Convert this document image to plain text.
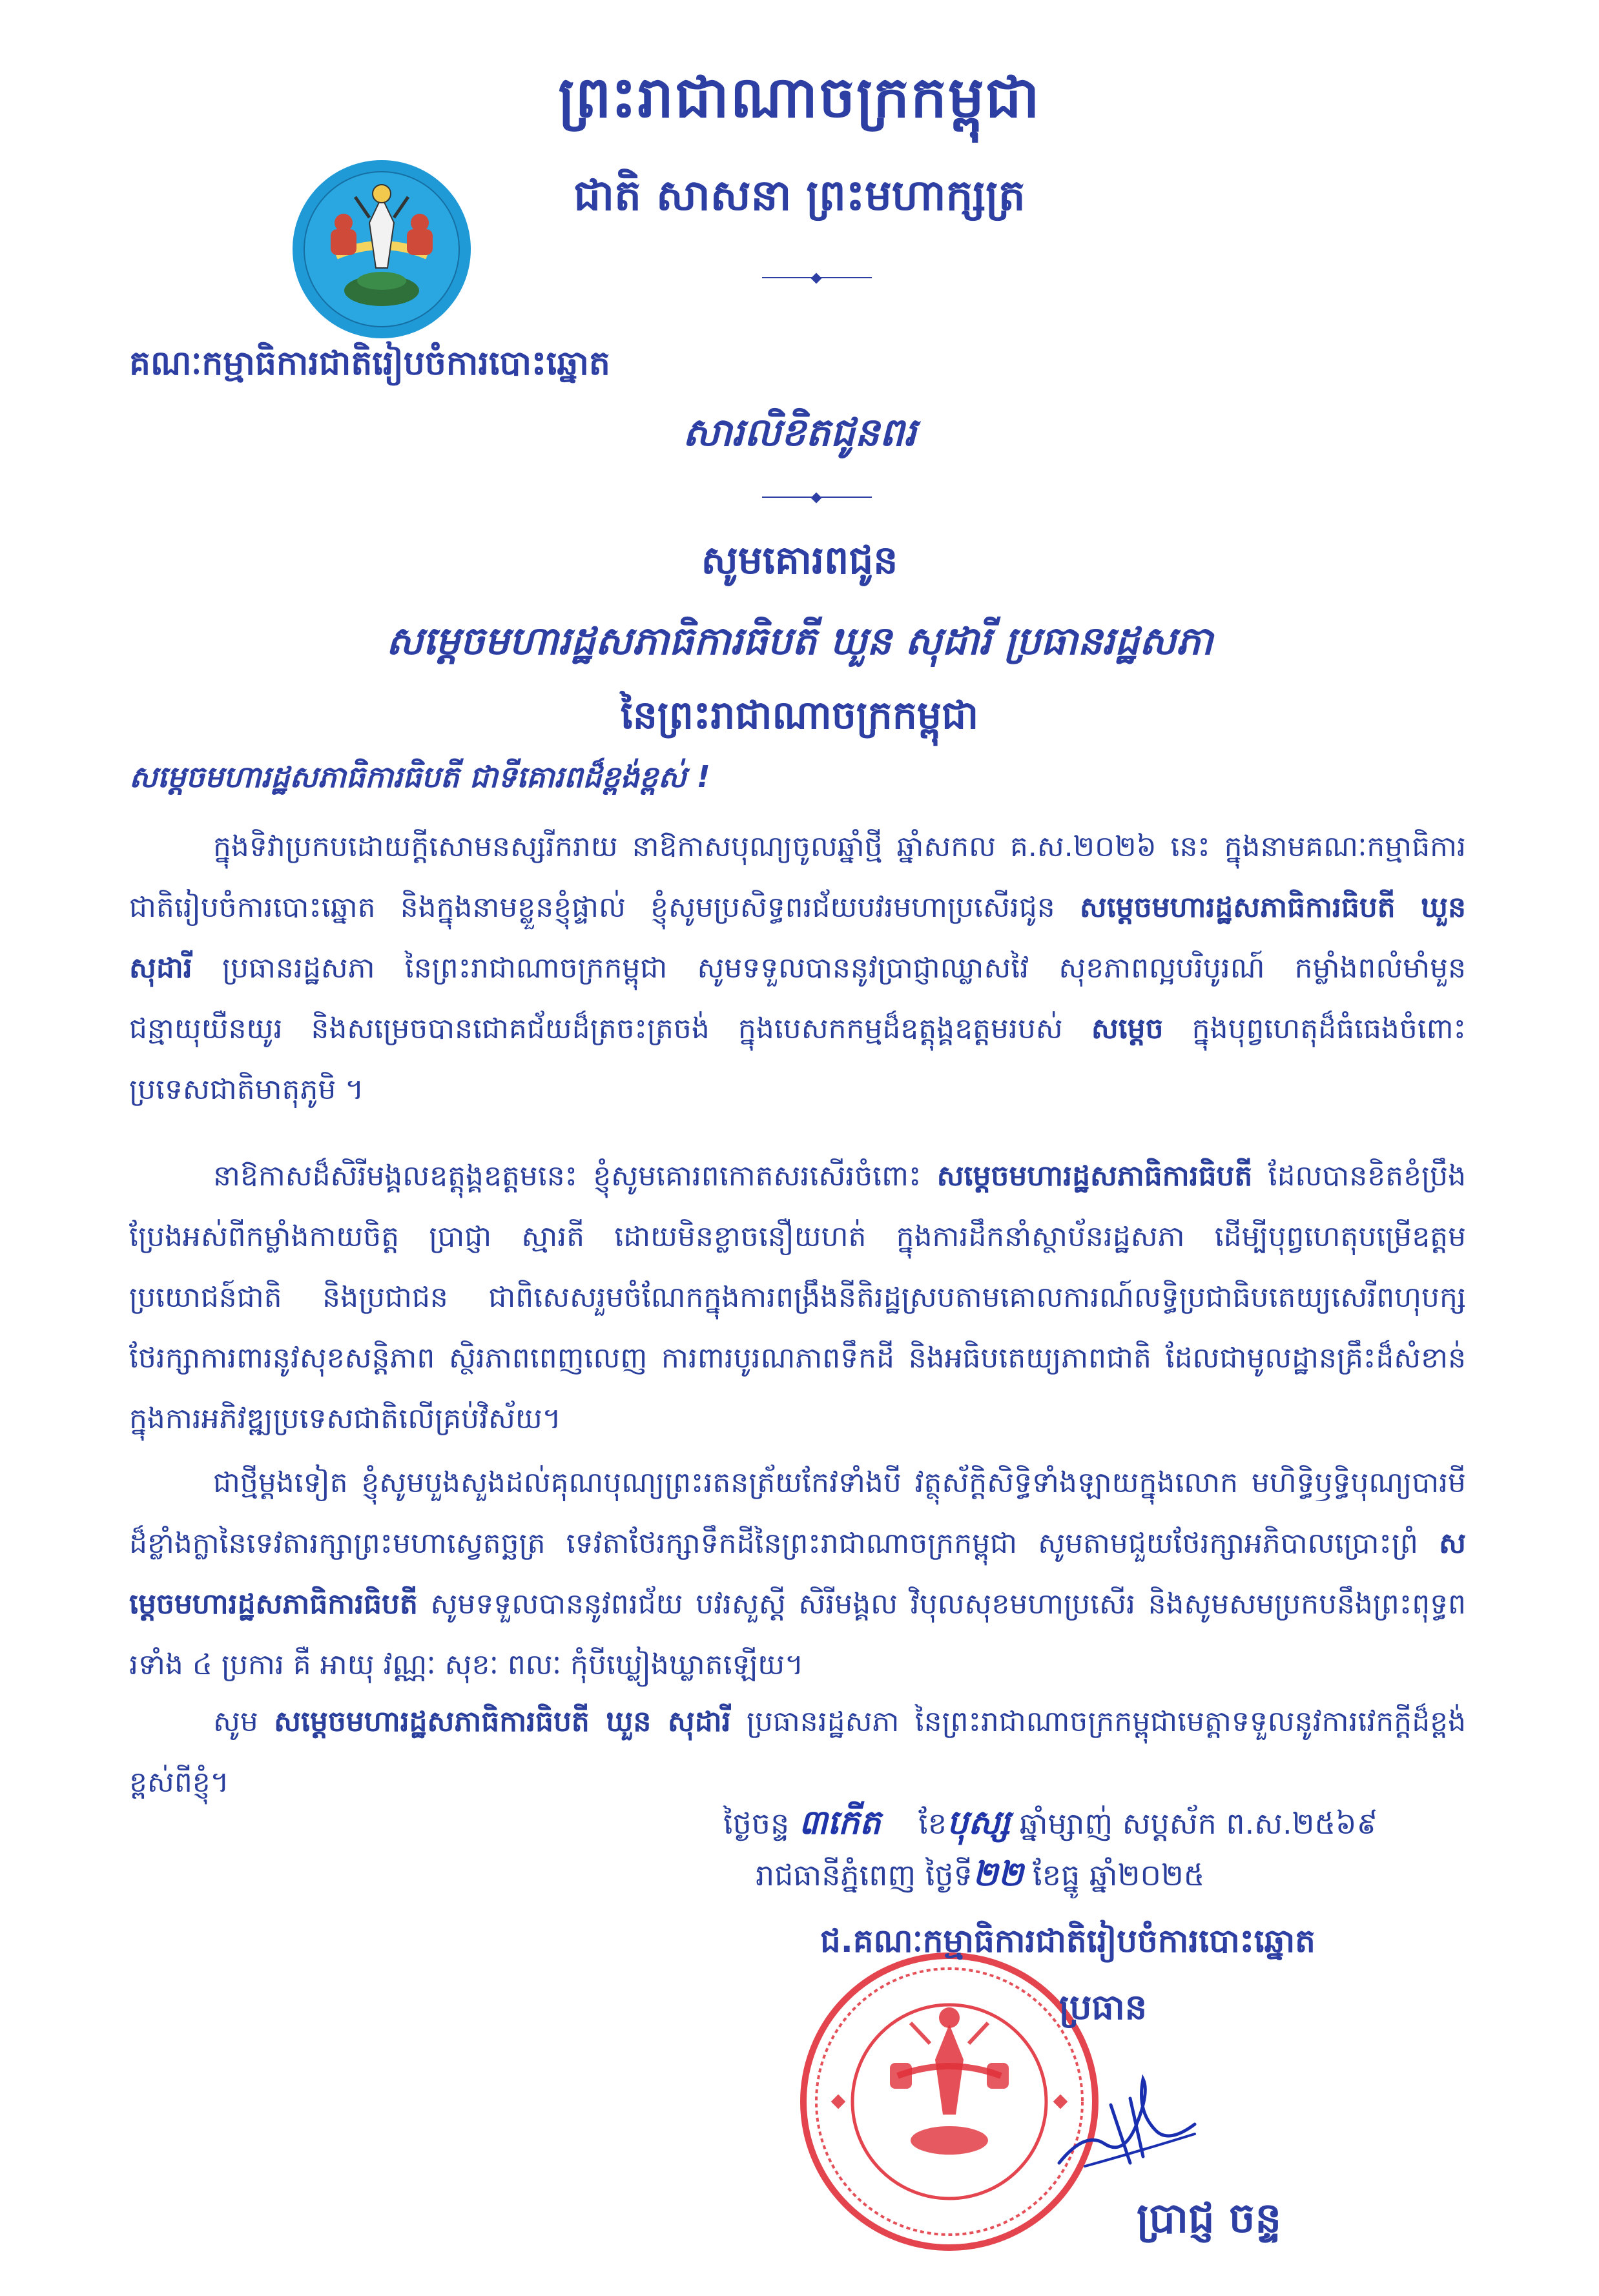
ព្រះរាជាណាចក្រកម្ពុជា
ជាតិ សាសនា ព្រះមហាក្សត្រ
គណៈកម្មាធិការជាតិរៀបចំការបោះឆ្នោត
សារលិខិតជូនពរ
សូមគោរពជូន
សម្តេចមហារដ្ឋសភាធិការធិបតី ឃួន សុដារី ប្រធានរដ្ឋសភា
នៃព្រះរាជាណាចក្រកម្ពុជា
សម្តេចមហារដ្ឋសភាធិការធិបតី ជាទីគោរពដ៏ខ្ពង់ខ្ពស់ !
ក្នុងទិវាប្រកបដោយក្តីសោមនស្សរីករាយ នាឱកាសបុណ្យចូលឆ្នាំថ្មី ឆ្នាំសកល គ.ស.២០២៦ នេះ ក្នុងនាមគណៈកម្មាធិការជាតិរៀបចំការបោះឆ្នោត និងក្នុងនាមខ្លួនខ្ញុំផ្ទាល់ ខ្ញុំសូមប្រសិទ្ធពរជ័យបវរមហាប្រសើរជូន សម្តេចមហារដ្ឋសភាធិការធិបតី ឃួន សុដារី ប្រធានរដ្ឋសភា នៃព្រះរាជាណាចក្រកម្ពុជា សូមទទួលបាននូវប្រាជ្ញាឈ្លាសវៃ សុខភាពល្អបរិបូរណ៍ កម្លាំងពលំមាំមួន ជន្មាយុយឺនយូរ និងសម្រេចបានជោគជ័យដ៏ត្រចះត្រចង់ ក្នុងបេសកកម្មដ៏ឧត្តុង្គឧត្តមរបស់ សម្តេច ក្នុងបុព្វហេតុដ៏ធំធេងចំពោះប្រទេសជាតិមាតុភូមិ ។
នាឱកាសដ៏សិរីមង្គលឧត្តុង្គឧត្តមនេះ ខ្ញុំសូមគោរពកោតសរសើរចំពោះ សម្តេចមហារដ្ឋសភាធិការធិបតី ដែលបានខិតខំប្រឹងប្រែងអស់ពីកម្លាំងកាយចិត្ត ប្រាជ្ញា ស្មារតី ដោយមិនខ្លាចនឿយហត់ ក្នុងការដឹកនាំស្ថាប័នរដ្ឋសភា ដើម្បីបុព្វហេតុបម្រើឧត្តមប្រយោជន៍ជាតិ និងប្រជាជន ជាពិសេសរួមចំណែកក្នុងការពង្រឹងនីតិរដ្ឋស្របតាមគោលការណ៍លទ្ធិប្រជាធិបតេយ្យសេរីពហុបក្ស ថែរក្សាការពារនូវសុខសន្តិភាព ស្ថិរភាពពេញលេញ ការពារបូរណភាពទឹកដី និងអធិបតេយ្យភាពជាតិ ដែលជាមូលដ្ឋានគ្រឹះដ៏សំខាន់ក្នុងការអភិវឌ្ឍប្រទេសជាតិលើគ្រប់វិស័យ។
ជាថ្មីម្តងទៀត ខ្ញុំសូមបួងសួងដល់គុណបុណ្យព្រះរតនត្រ័យកែវទាំងបី វត្ថុស័ក្តិសិទ្ធិទាំងឡាយក្នុងលោក មហិទ្ធិឫទ្ធិបុណ្យបារមីដ៏ខ្លាំងក្លានៃទេវតារក្សាព្រះមហាស្វេតច្ឆត្រ ទេវតាថែរក្សាទឹកដីនៃព្រះរាជាណាចក្រកម្ពុជា សូមតាមជួយថែរក្សាអភិបាលប្រោះព្រំ សម្តេចមហារដ្ឋសភាធិការធិបតី សូមទទួលបាននូវពរជ័យ បវរសួស្តី សិរីមង្គល វិបុលសុខមហាប្រសើរ និងសូមសមប្រកបនឹងព្រះពុទ្ធពរទាំង ៤ ប្រការ គឺ អាយុ វណ្ណៈ សុខៈ ពលៈ កុំបីឃ្លៀងឃ្លាតឡើយ។
សូម សម្តេចមហារដ្ឋសភាធិការធិបតី ឃួន សុដារី ប្រធានរដ្ឋសភា នៃព្រះរាជាណាចក្រកម្ពុជាមេត្តាទទួលនូវការវេកក្តីដ៏ខ្ពង់ខ្ពស់ពីខ្ញុំ។
ថ្ងៃចន្ទ ៣កើត ខែបុស្ស ឆ្នាំម្សាញ់ សប្តស័ក ព.ស.២៥៦៩
រាជធានីភ្នំពេញ ថ្ងៃទី២២ ខែធ្នូ ឆ្នាំ២០២៥
ជ.គណៈកម្មាធិការជាតិរៀបចំការបោះឆ្នោត
ប្រធាន
ប្រាជ្ញ ចន្ទ
